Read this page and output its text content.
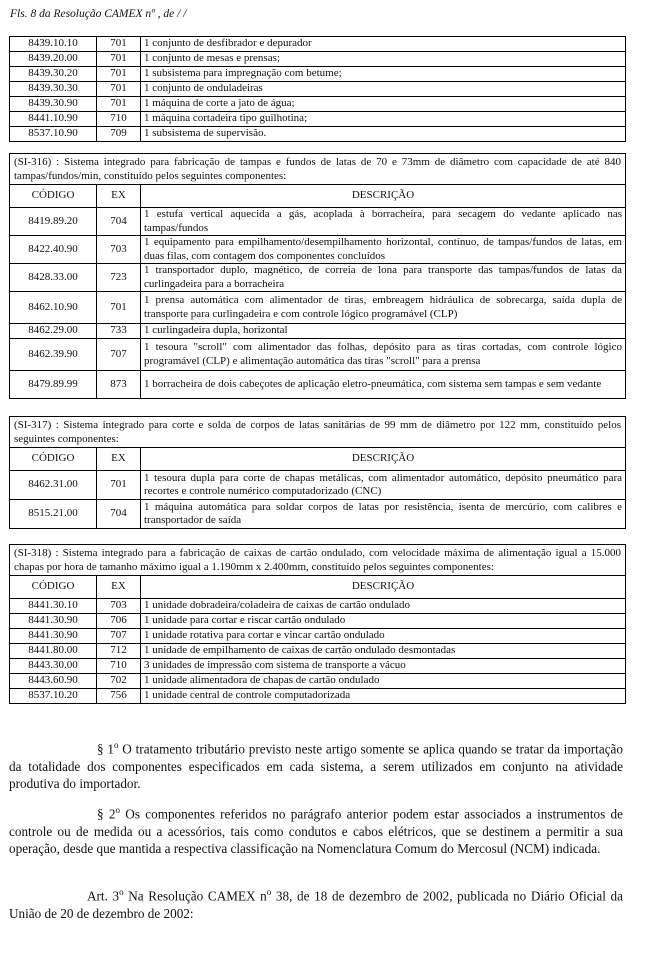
Fls. 8 da Resolução CAMEX nº , de / /
8439.10.10	701	1 conjunto de desfibrador e depurador
8439.20.00	701	1 conjunto de mesas e prensas;
8439.30.20	701	1 subsistema para impregnação com betume;
8439.30.30	701	1 conjunto de onduladeiras
8439.30.90	701	1 máquina de corte a jato de água;
8441.10.90	710	1 máquina cortadeira tipo guilhotina;
8537.10.90	709	1 subsistema de supervisão.
(SI-316) : Sistema integrado para fabricação de tampas e fundos de latas de 70 e 73mm de diâmetro com capacidade de até 840 tampas/fundos/min, constituído pelos seguintes componentes:		
CÓDIGO	EX	DESCRIÇÃO
8419.89.20	704	1 estufa vertical aquecida a gás, acoplada à borracheira, para secagem do vedante aplicado nas tampas/fundos
8422.40.90	703	1 equipamento para empilhamento/desempilhamento horizontal, contínuo, de tampas/fundos de latas, em duas filas, com contagem dos componentes concluídos
8428.33.00	723	1 transportador duplo, magnético, de correia de lona para transporte das tampas/fundos de latas da curlingadeira para a borracheira
8462.10.90	701	1 prensa automática com alimentador de tiras, embreagem hidráulica de sobrecarga, saída dupla de transporte para curlingadeira e com controle lógico programável (CLP)
8462.29.00	733	1 curlingadeira dupla, horizontal
8462.39.90	707	1 tesoura "scroll" com alimentador das folhas, depósito para as tiras cortadas, com controle lógico programável (CLP) e alimentação automática das tiras "scroll" para a prensa
8479.89.99	873	1 borracheira de dois cabeçotes de aplicação eletro-pneumática, com sistema sem tampas e sem vedante
(SI-317) : Sistema integrado para corte e solda de corpos de latas sanitárias de 99 mm de diâmetro por 122 mm, constituído pelos seguintes componentes:		
CÓDIGO	EX	DESCRIÇÃO
8462.31.00	701	1 tesoura dupla para corte de chapas metálicas, com alimentador automático, depósito pneumático para recortes e controle numérico computadorizado (CNC)
8515.21.00	704	1 máquina automática para soldar corpos de latas por resistência, isenta de mercúrio, com calibres e transportador de saída
(SI-318) : Sistema integrado para a fabricação de caixas de cartão ondulado, com velocidade máxima de alimentação igual a 15.000 chapas por hora de tamanho máximo igual a 1.190mm x 2.400mm, constituído pelos seguintes componentes:		
CÓDIGO	EX	DESCRIÇÃO
8441.30.10	703	1 unidade dobradeira/coladeira de caixas de cartão ondulado
8441.30.90	706	1 unidade para cortar e riscar cartão ondulado
8441.30.90	707	1 unidade rotativa para cortar e vincar cartão ondulado
8441.80.00	712	1 unidade de empilhamento de caixas de cartão ondulado desmontadas
8443.30.00	710	3 unidades de impressão com sistema de transporte a vácuo
8443.60.90	702	1 unidade alimentadora de chapas de cartão ondulado
8537.10.20	756	1 unidade central de controle computadorizada
§ 1$^o$ O tratamento tributário previsto neste artigo somente se aplica quando se tratar da importação da totalidade dos componentes especificados em cada sistema, a serem utilizados em conjunto na atividade produtiva do importador.
§ 2$^o$ Os componentes referidos no parágrafo anterior podem estar associados a instrumentos de controle ou de medida ou a acessórios, tais como condutos e cabos elétricos, que se destinem a permitir a sua operação, desde que mantida a respectiva classificação na Nomenclatura Comum do Mercosul (NCM) indicada.
Art. 3$^o$ Na Resolução CAMEX $n^o$ 38, de 18 de dezembro de 2002, publicada no Diário Oficial da União de 20 de dezembro de 2002:
